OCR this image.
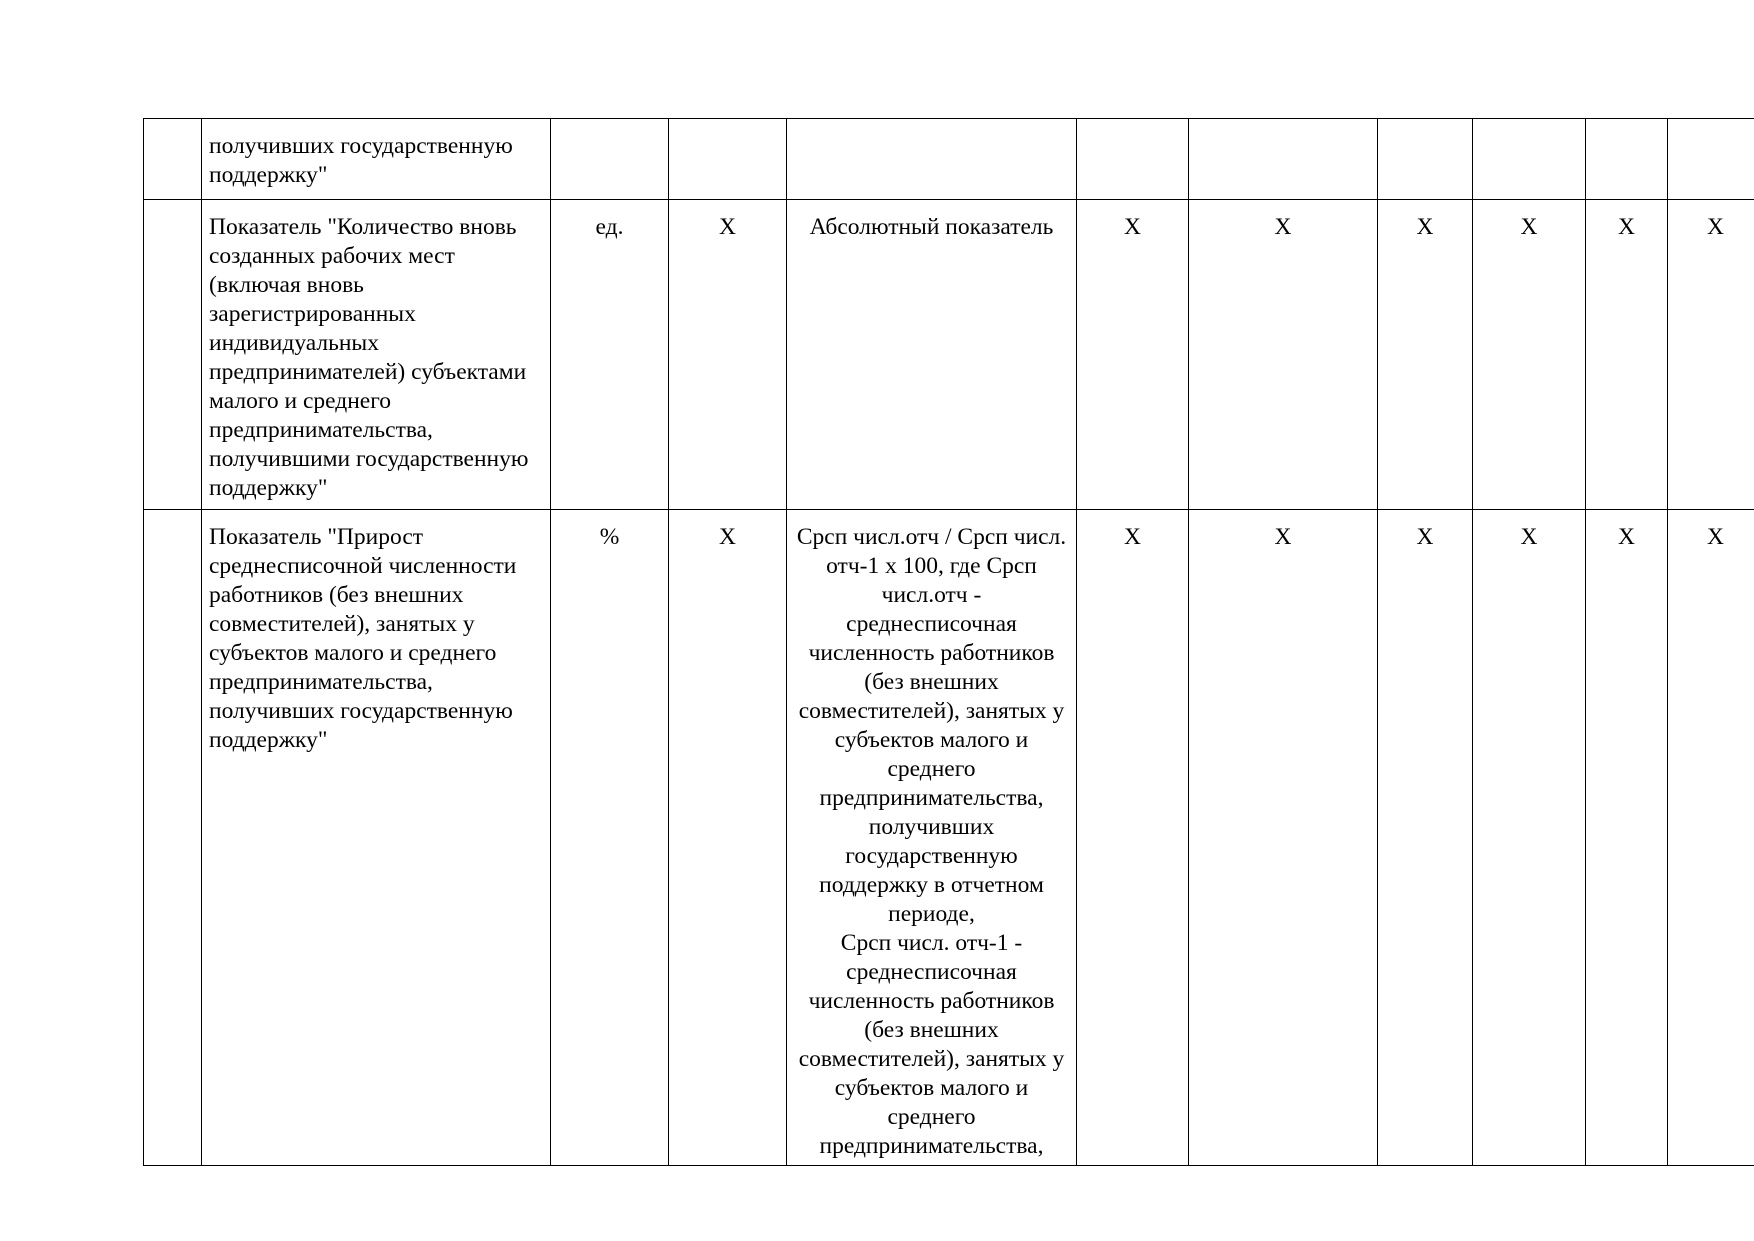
	получивших государственную поддержку"									
	Показатель "Количество вновь созданных рабочих мест (включая вновь зарегистрированных индивидуальных предпринимателей) субъектами малого и среднего предпринимательства, получившими государственную поддержку"	ед.	X	Абсолютный показатель	X	X	X	X	X	X
	Показатель "Прирост среднесписочной численности работников (без внешних совместителей), занятых у субъектов малого и среднего предпринимательства, получивших государственную поддержку"	%	X	Срсп числ.отч / Срсп числ. отч-1 x 100, где Срсп числ.отч - среднесписочная численность работников (без внешних совместителей), занятых у субъектов малого и среднего предпринимательства, получивших государственную поддержку в отчетном периоде,
Срсп числ. отч-1 - среднесписочная численность работников (без внешних совместителей), занятых у субъектов малого и среднего предпринимательства,	X	X	X	X	X	X
